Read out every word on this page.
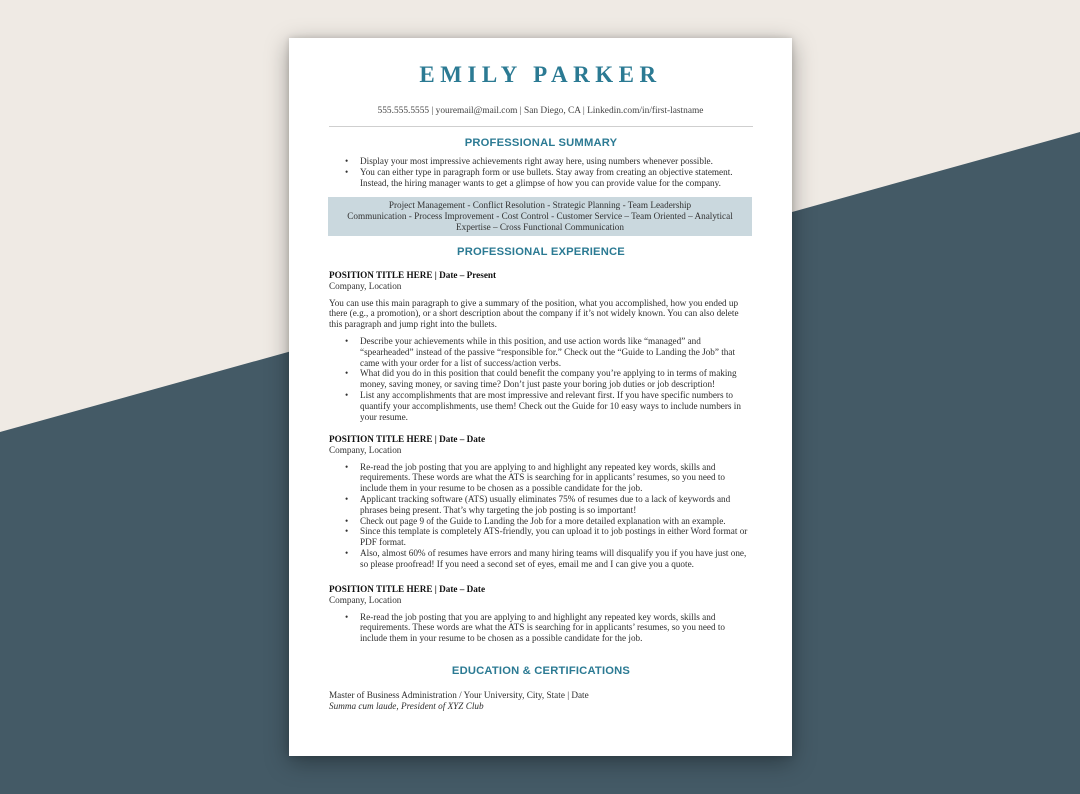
EMILY PARKER
555.555.5555 | youremail@mail.com | San Diego, CA | Linkedin.com/in/first-lastname
PROFESSIONAL SUMMARY
• Display your most impressive achievements right away here, using numbers whenever possible.
• You can either type in paragraph form or use bullets. Stay away from creating an objective statement. Instead, the hiring manager wants to get a glimpse of how you can provide value for the company.
Project Management - Conflict Resolution - Strategic Planning - Team Leadership
Communication - Process Improvement - Cost Control - Customer Service – Team Oriented – Analytical
Expertise – Cross Functional Communication
PROFESSIONAL EXPERIENCE
POSITION TITLE HERE | Date – Present
Company, Location

You can use this main paragraph to give a summary of the position, what you accomplished, how you ended up there (e.g., a promotion), or a short description about the company if it’s not widely known. You can also delete this paragraph and jump right into the bullets.

• Describe your achievements while in this position, and use action words like “managed” and “spearheaded” instead of the passive “responsible for.” Check out the “Guide to Landing the Job” that came with your order for a list of success/action verbs.
• What did you do in this position that could benefit the company you’re applying to in terms of making money, saving money, or saving time? Don’t just paste your boring job duties or job description!
• List any accomplishments that are most impressive and relevant first. If you have specific numbers to quantify your accomplishments, use them! Check out the Guide for 10 easy ways to include numbers in your resume.
POSITION TITLE HERE | Date – Date
Company, Location
• Re-read the job posting that you are applying to and highlight any repeated key words, skills and requirements. These words are what the ATS is searching for in applicants’ resumes, so you need to include them in your resume to be chosen as a possible candidate for the job.
• Applicant tracking software (ATS) usually eliminates 75% of resumes due to a lack of keywords and phrases being present. That’s why targeting the job posting is so important!
• Check out page 9 of the Guide to Landing the Job for a more detailed explanation with an example.
• Since this template is completely ATS-friendly, you can upload it to job postings in either Word format or PDF format.
• Also, almost 60% of resumes have errors and many hiring teams will disqualify you if you have just one, so please proofread! If you need a second set of eyes, email me and I can give you a quote.
POSITION TITLE HERE | Date – Date
Company, Location
• Re-read the job posting that you are applying to and highlight any repeated key words, skills and requirements. These words are what the ATS is searching for in applicants’ resumes, so you need to include them in your resume to be chosen as a possible candidate for the job.
EDUCATION & CERTIFICATIONS
Master of Business Administration / Your University, City, State | Date
Summa cum laude, President of XYZ Club
